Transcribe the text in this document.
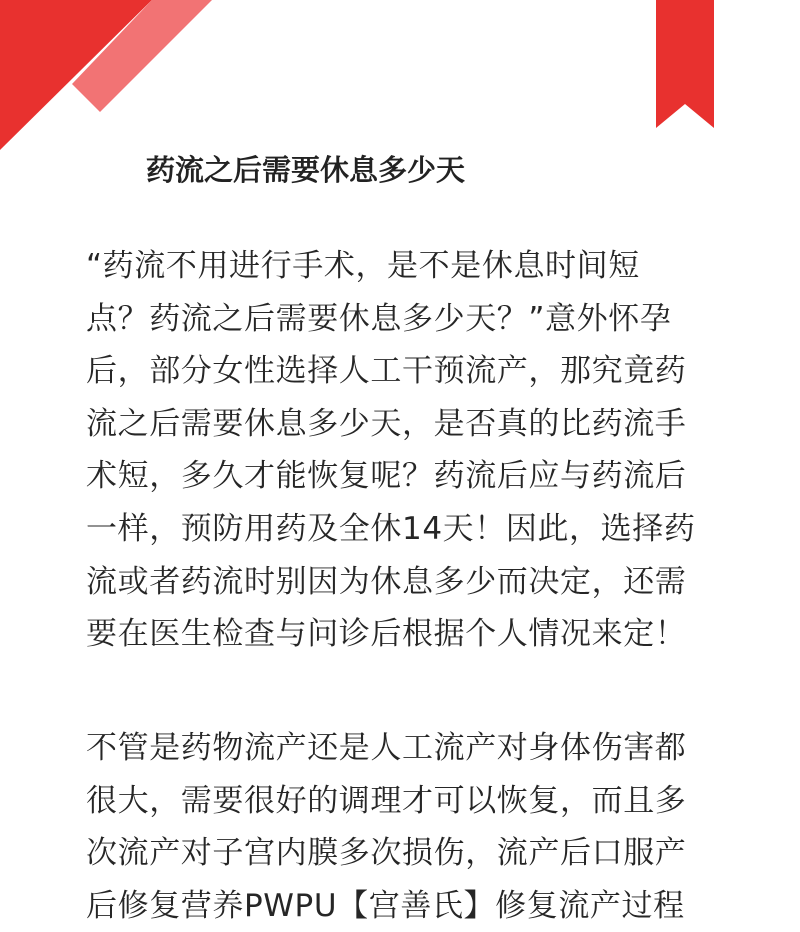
药流之后需要休息多少天
“药流不用进行手术，是不是休息时间短
点？药流之后需要休息多少天？”意外怀孕
后，部分女性选择人工干预流产，那究竟药
流之后需要休息多少天，是否真的比药流手
术短，多久才能恢复呢？药流后应与药流后
一样，预防用药及全休14天！因此，选择药
流或者药流时别因为休息多少而决定，还需
要在医生检查与问诊后根据个人情况来定！
不管是药物流产还是人工流产对身体伤害都
很大，需要很好的调理才可以恢复，而且多
次流产对子宫内膜多次损伤，流产后口服产
后修复营养PWPU【宫善氏】修复流产过程
